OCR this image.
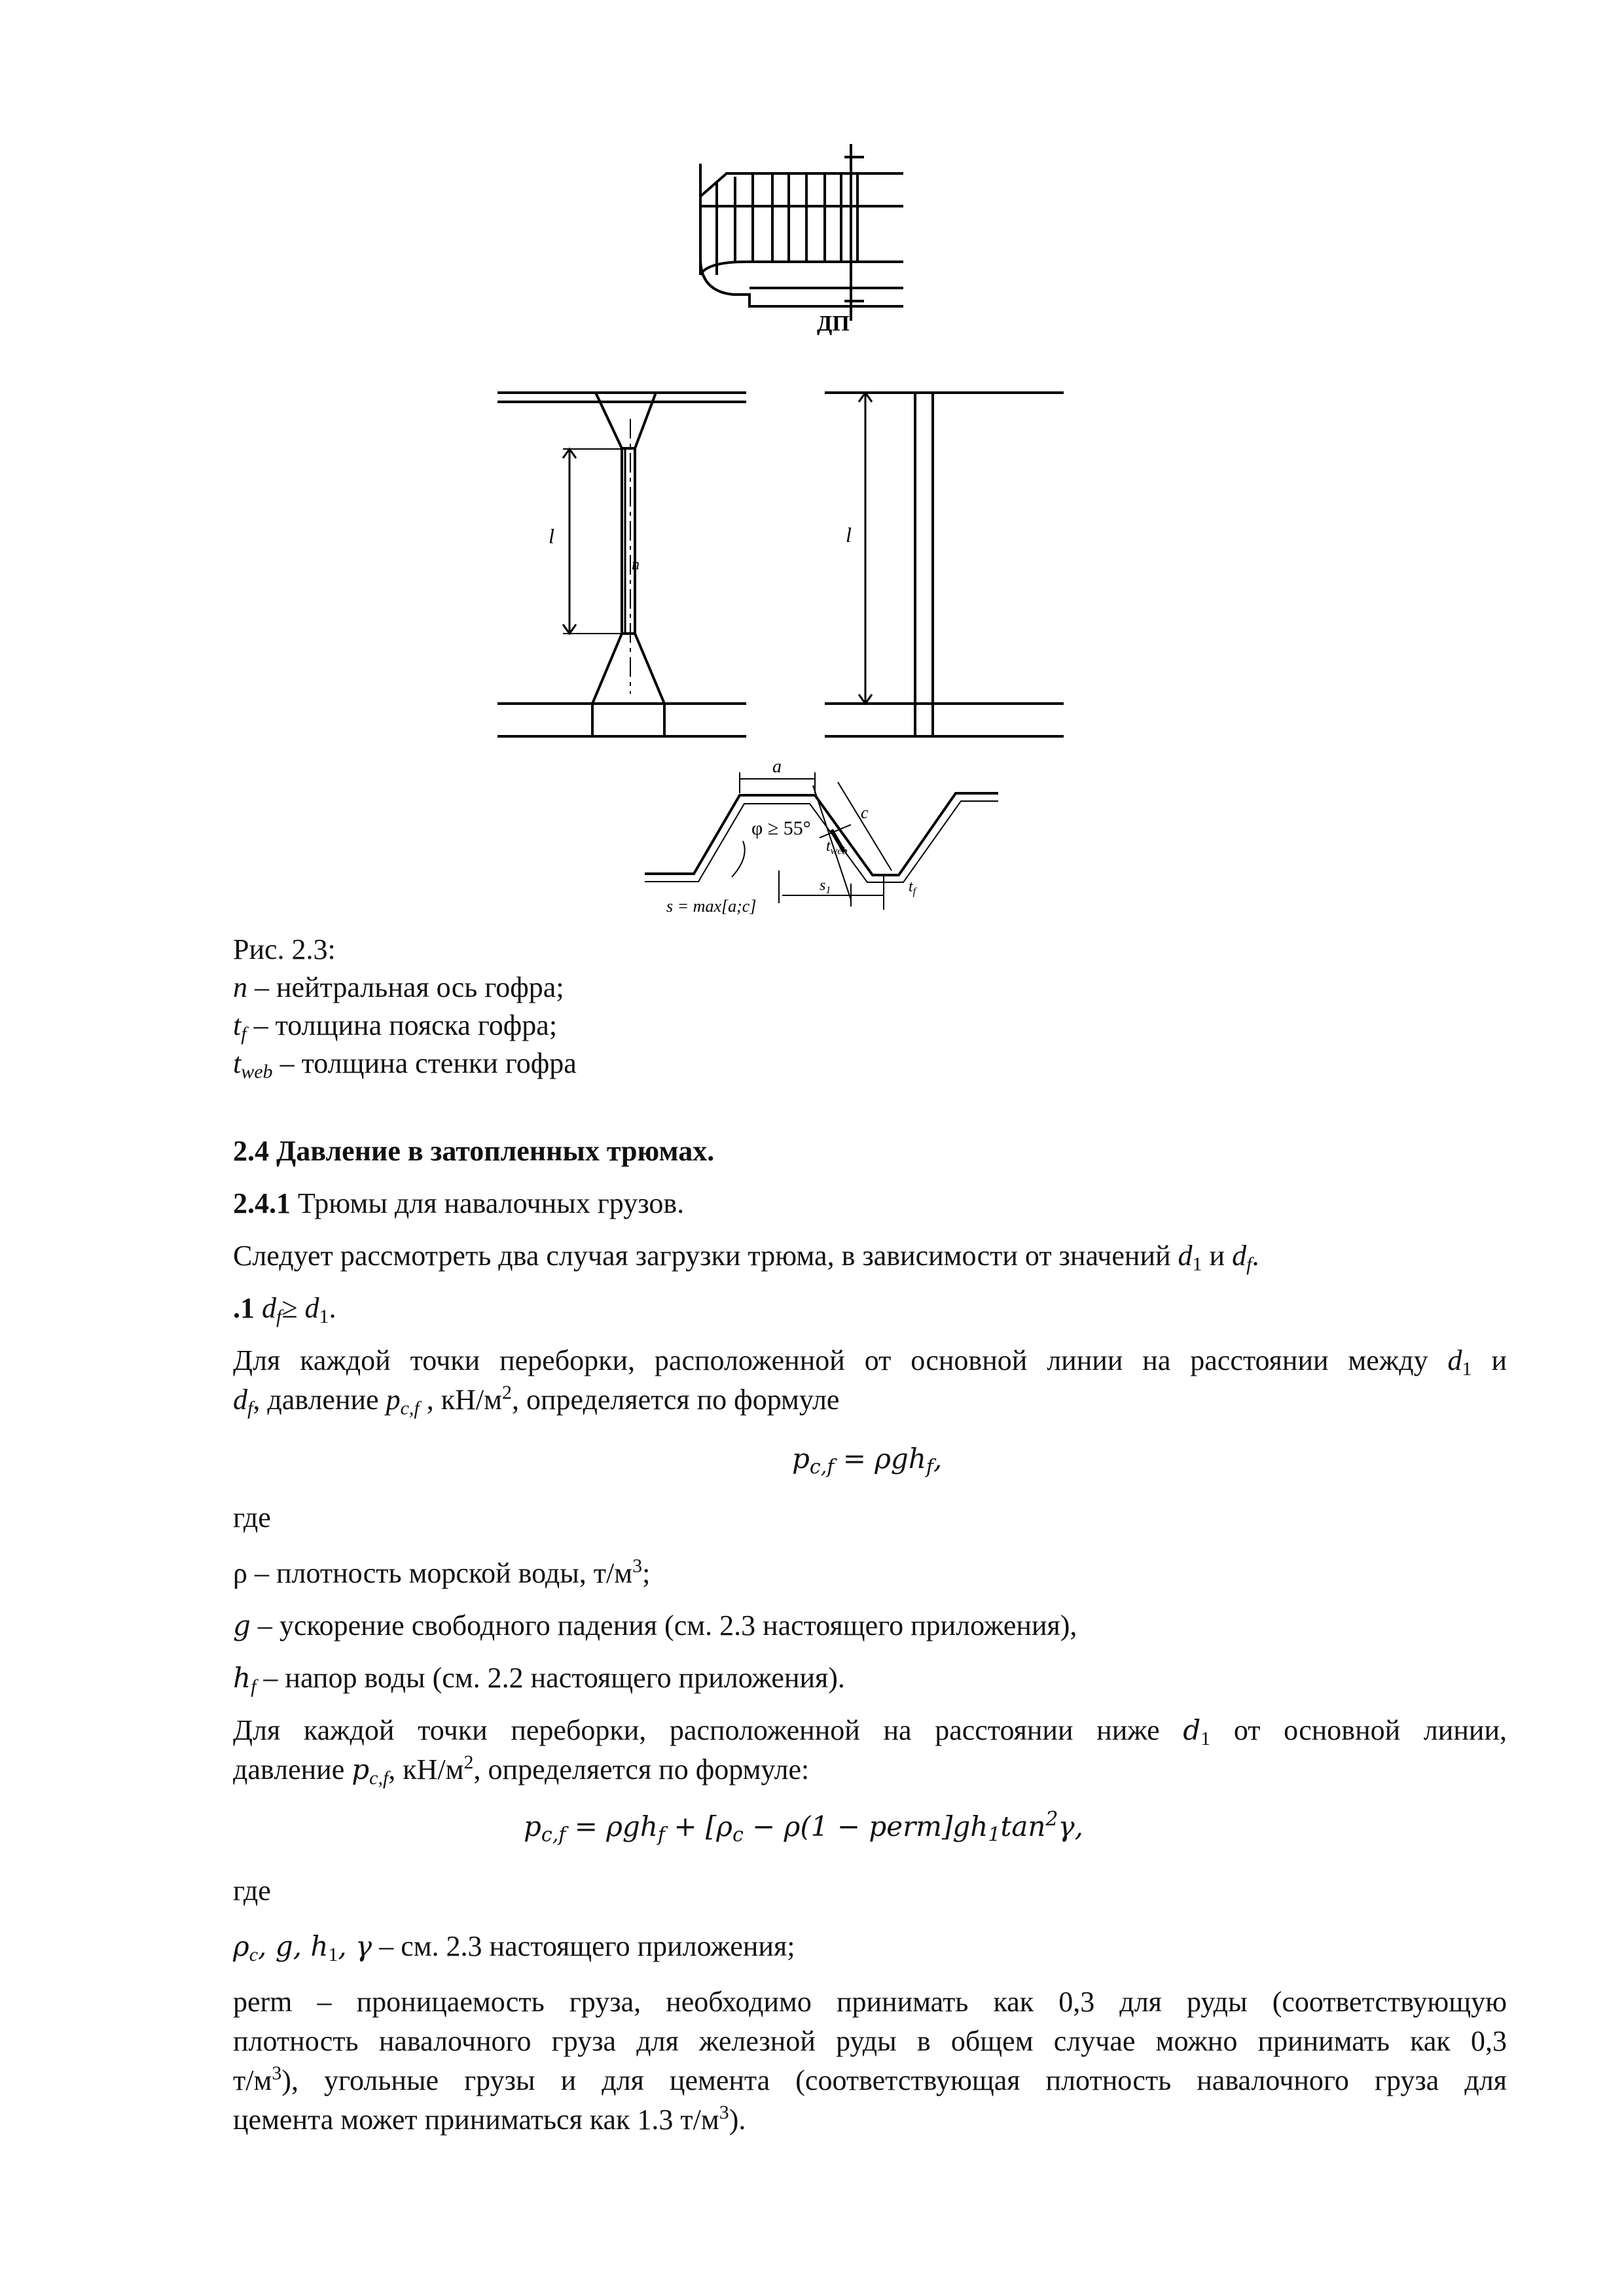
ДП
l
n
l
a
c
φ ≥ 55°
$t_{web}$
$s_1$	$t_f$
s = max[a;c]
Рис. 2.3:
n – нейтральная ось гофра;
$t_f$ – толщина пояска гофра;
$t_{web}$ – толщина стенки гофра
2.4 Давление в затопленных трюмах.
2.4.1 Трюмы для навалочных грузов.
Следует рассмотреть два случая загрузки трюма, в зависимости от значений $d_1$ и $d_f$.
.1 $d_f\ge d_1$.
Для каждой точки переборки, расположенной от основной линии на расстоянии между $d_1$ и
$d_f$, давление $p_{c,f}$ , $кН/м^2$, определяется по формуле
$p_{c,f} = \rho gh_f$,
где
ρ – плотность морской воды, $т/м^3$;
g – ускорение свободного падения (см. 2.3 настоящего приложения),
$h_f$ – напор воды (см. 2.2 настоящего приложения).
Для каждой точки переборки, расположенной на расстоянии ниже $d_1$ от основной линии,
давление $p_{c,f}$, $кН/м^2$, определяется по формуле:
$p_{c,f} = \rho gh_f + [\rho_c - \rho(1$ − $perm]gh_1\tan^2\gamma$,
где
$\rho_c$, g, $h_1$, γ – см. 2.3 настоящего приложения;
perm – проницаемость груза, необходимо принимать как 0,3 для руды (соответствующую
плотность навалочного груза для железной руды в общем случае можно принимать как 0,3
$т/м^3$), угольные грузы и для цемента (соответствующая плотность навалочного груза для
цемента может приниматься как 1.3 $т/м^3$).
